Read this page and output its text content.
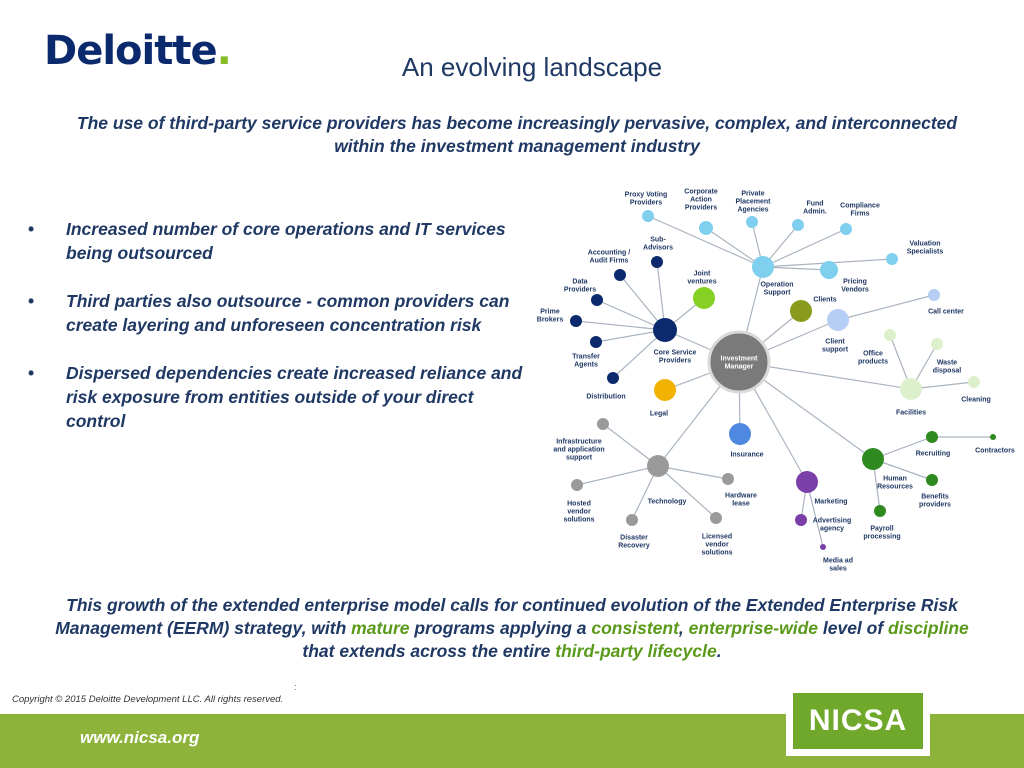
Deloitte.	An evolving landscape
The use of third-party service providers has become increasingly pervasive, complex, and interconnected within the investment management industry
• Increased number of core operations and IT services being outsourced
• Third parties also outsource - common providers can create layering and unforeseen concentration risk
• Dispersed dependencies create increased reliance and risk exposure from entities outside of your direct control
Operation Support
Core Service Providers
Clients
Client support
Facilities
Legal
Insurance
Technology	Marketing
Human Resources
Proxy Voting Providers
Corporate Action Providers
Private Placement Agencies
Fund Admin.
Compliance Firms
Pricing Vendors
Valuation Specialists
Sub-Advisors
Accounting / Audit Firms
Data Providers
Prime Brokers
Transfer Agents
Distribution
Joint ventures
Call center
Office products	Waste disposal
Cleaning
Infrastructure and application support
Hosted vendor solutions
Disaster Recovery
Licensed vendor solutions
Hardware lease
Recruiting	Contractors
Benefits providers
Payroll processing
Advertising agency
Media ad sales
Investment Manager
This growth of the extended enterprise model calls for continued evolution of the Extended Enterprise Risk Management (EERM) strategy, with mature programs applying a consistent, enterprise-wide level of discipline that extends across the entire third-party lifecycle.
:
Copyright © 2015 Deloitte Development LLC. All rights reserved.
www.nicsa.org
NICSA
